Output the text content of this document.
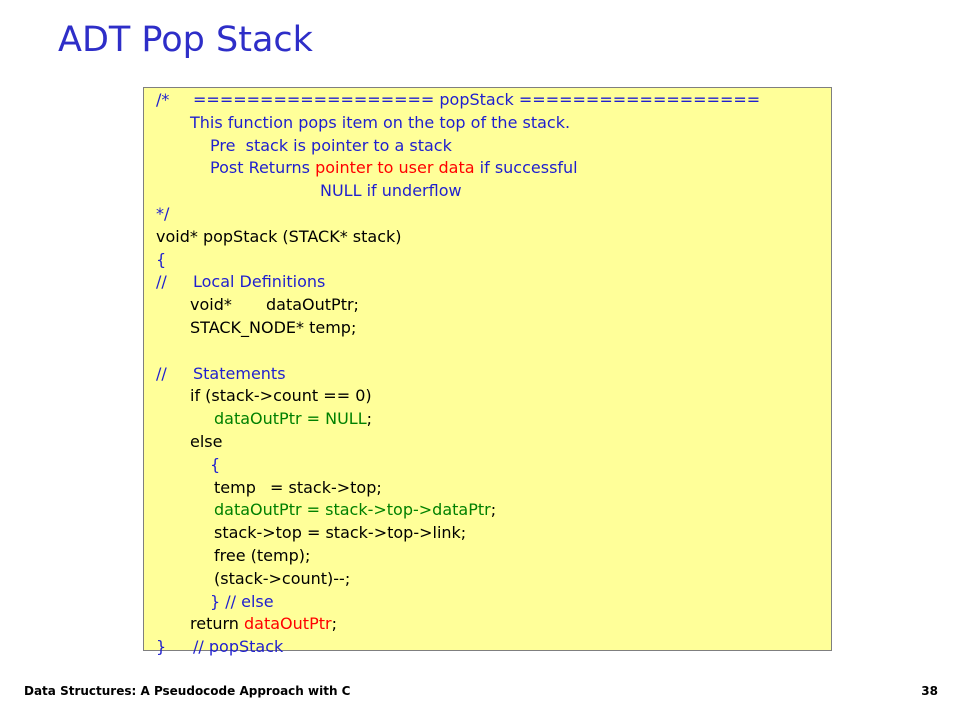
ADT Pop Stack
/* ================== popStack ==================
This function pops item on the top of the stack.
Pre  stack is pointer to a stack
Post Returns pointer to user data if successful
NULL if underflow
*/
void* popStack (STACK* stack)
{
// Local Definitions
void* dataOutPtr;
STACK_NODE* temp;
// Statements
if (stack->count == 0)
dataOutPtr = NULL;
else
{
temp = stack->top;
dataOutPtr = stack->top->dataPtr;
stack->top = stack->top->link;
free (temp);
(stack->count)--;
} // else
return dataOutPtr;
} // popStack
Data Structures: A Pseudocode Approach with C	38
